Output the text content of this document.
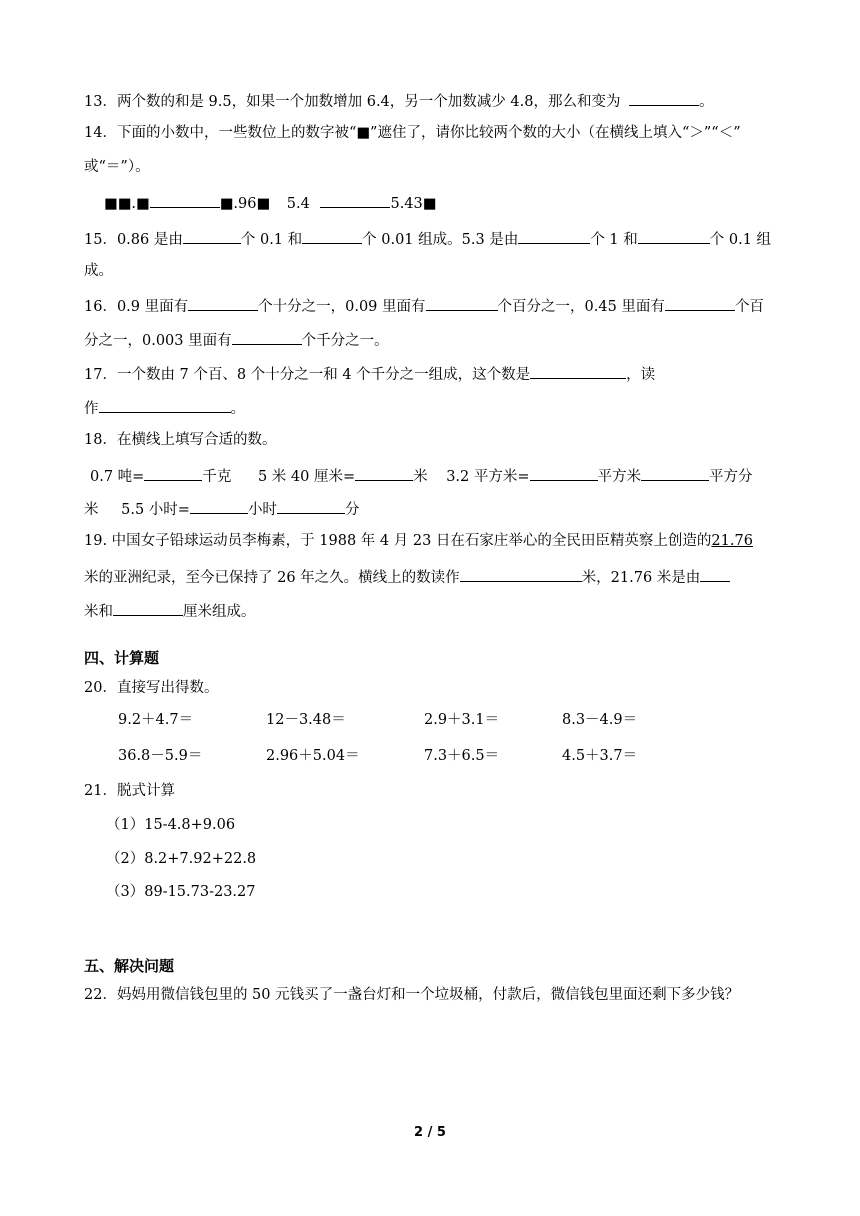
13．两个数的和是 9.5，如果一个加数增加 6.4，另一个加数减少 4.8，那么和变为	。
14．下面的小数中，一些数位上的数字被“■”遮住了，请你比较两个数的大小（在横线上填入“＞”“＜”
或“＝”）。
■■.■	■.96■ 5.4	5.43■
15．0.86 是由	个 0.1 和	个 0.01 组成。5.3 是由	个 1 和	个 0.1 组
成。
16．0.9 里面有	个十分之一，0.09 里面有	个百分之一，0.45 里面有	个百
分之一，0.003 里面有	个千分之一。
17．一个数由 7 个百、8 个十分之一和 4 个千分之一组成，这个数是	，读
作	。
18．在横线上填写合适的数。
0.7 吨=	千克 5 米 40 厘米=	米 3.2 平方米=	平方米	平方分
米 5.5 小时=	小时	分
19. 中国女子铅球运动员李梅素，于 1988 年 4 月 23 日在石家庄举心的全民田臣精英察上创造的21.76
米的亚洲纪录，至今已保持了 26 年之久。横线上的数读作	米，21.76 米是由
米和	厘米组成。
四、计算题
20．直接写出得数。
9.2＋4.7＝	12－3.48＝	2.9＋3.1＝	8.3－4.9＝
36.8－5.9＝	2.96＋5.04＝	7.3＋6.5＝	4.5＋3.7＝
21．脱式计算
（1）15-4.8+9.06
（2）8.2+7.92+22.8
（3）89-15.73-23.27
五、解决问题
22．妈妈用微信钱包里的 50 元钱买了一盏台灯和一个垃圾桶，付款后，微信钱包里面还剩下多少钱？
2 / 5
